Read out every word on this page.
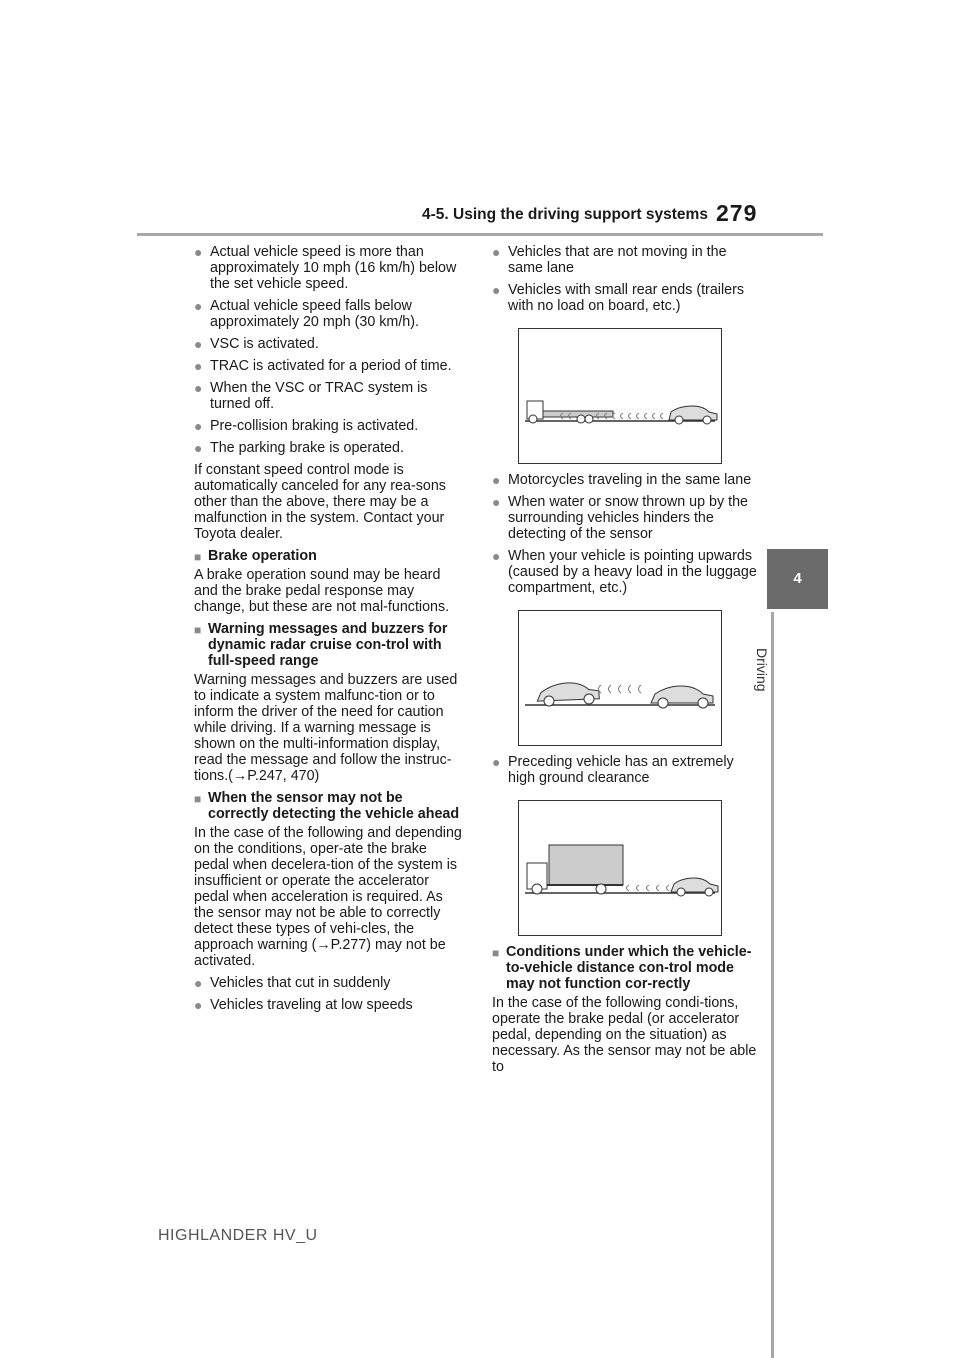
4-5. Using the driving support systems 279
4
Driving
● Actual vehicle speed is more than approximately 10 mph (16 km/h) below the set vehicle speed.
● Actual vehicle speed falls below approximately 20 mph (30 km/h).
● VSC is activated.
● TRAC is activated for a period of time.
● When the VSC or TRAC system is turned off.
● Pre-collision braking is activated.
● The parking brake is operated.
If constant speed control mode is automatically canceled for any rea-sons other than the above, there may be a malfunction in the system. Contact your Toyota dealer.
■ Brake operation
A brake operation sound may be heard and the brake pedal response may change, but these are not mal-functions.
■ Warning messages and buzzers for dynamic radar cruise con-trol with full-speed range
Warning messages and buzzers are used to indicate a system malfunc-tion or to inform the driver of the need for caution while driving. If a warning message is shown on the multi-information display, read the message and follow the instruc-tions.(→P.247, 470)
■ When the sensor may not be correctly detecting the vehicle ahead
In the case of the following and depending on the conditions, oper-ate the brake pedal when decelera-tion of the system is insufficient or operate the accelerator pedal when acceleration is required. As the sensor may not be able to correctly detect these types of vehi-cles, the approach warning (→P.277) may not be activated.
● Vehicles that cut in suddenly
● Vehicles traveling at low speeds
● Vehicles that are not moving in the same lane
● Vehicles with small rear ends (trailers with no load on board, etc.)
● Motorcycles traveling in the same lane
● When water or snow thrown up by the surrounding vehicles hinders the detecting of the sensor
● When your vehicle is pointing upwards (caused by a heavy load in the luggage compartment, etc.)
● Preceding vehicle has an extremely high ground clearance
■ Conditions under which the vehicle-to-vehicle distance con-trol mode may not function cor-rectly
In the case of the following condi-tions, operate the brake pedal (or accelerator pedal, depending on the situation) as necessary. As the sensor may not be able to
HIGHLANDER HV_U
